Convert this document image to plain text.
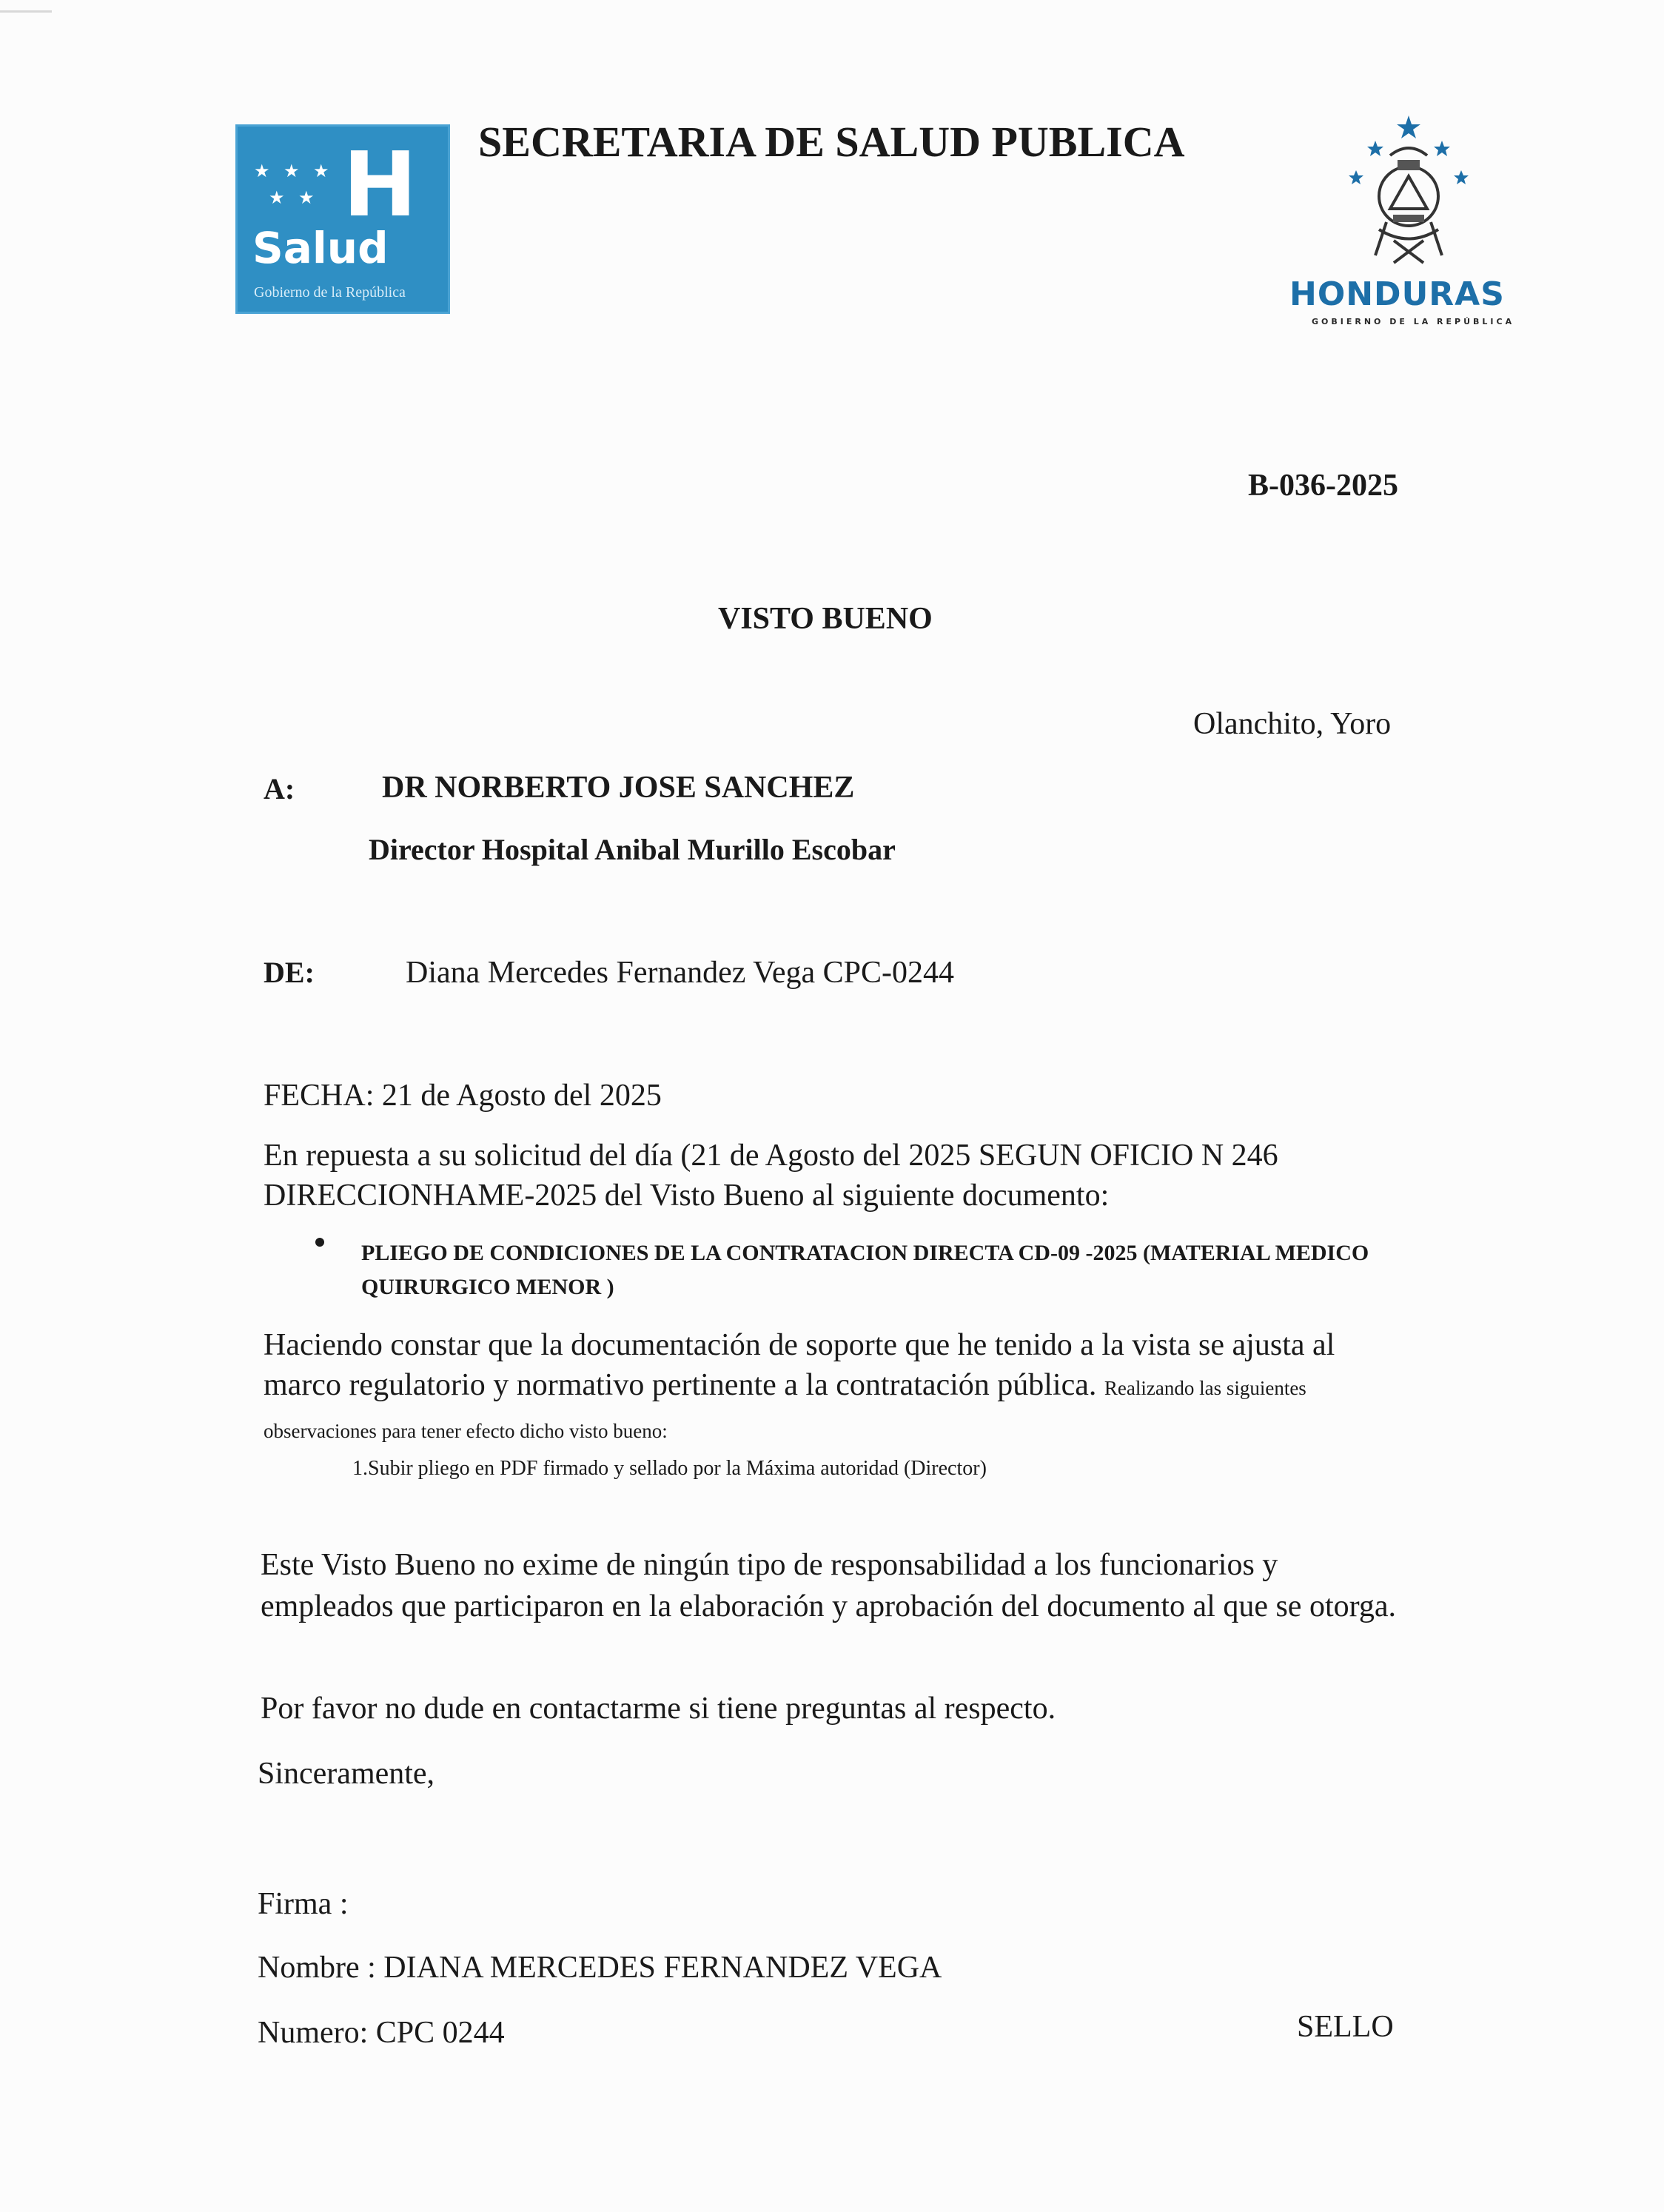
★ ★ ★
★ ★ H
Salud
Gobierno de la República
SECRETARIA DE SALUD PUBLICA
HONDURAS
GOBIERNO DE LA REPÚBLICA
B-036-2025
VISTO BUENO
Olanchito, Yoro
A:	DR NORBERTO JOSE SANCHEZ
Director Hospital Anibal Murillo Escobar
DE:	Diana Mercedes Fernandez Vega CPC-0244
FECHA: 21 de Agosto del 2025
En repuesta a su solicitud del día (21 de Agosto del 2025 SEGUN OFICIO N 246 DIRECCIONHAME-2025 del Visto Bueno al siguiente documento:
PLIEGO DE CONDICIONES DE LA CONTRATACION DIRECTA CD-09 -2025 (MATERIAL MEDICO QUIRURGICO MENOR )
Haciendo constar que la documentación de soporte que he tenido a la vista se ajusta al marco regulatorio y normativo pertinente a la contratación pública. Realizando las siguientes observaciones para tener efecto dicho visto bueno:
1.Subir pliego en PDF firmado y sellado por la Máxima autoridad (Director)
Este Visto Bueno no exime de ningún tipo de responsabilidad a los funcionarios y empleados que participaron en la elaboración y aprobación del documento al que se otorga.
Por favor no dude en contactarme si tiene preguntas al respecto.
Sinceramente,
Firma :
Nombre : DIANA MERCEDES FERNANDEZ VEGA
Numero: CPC 0244	SELLO
